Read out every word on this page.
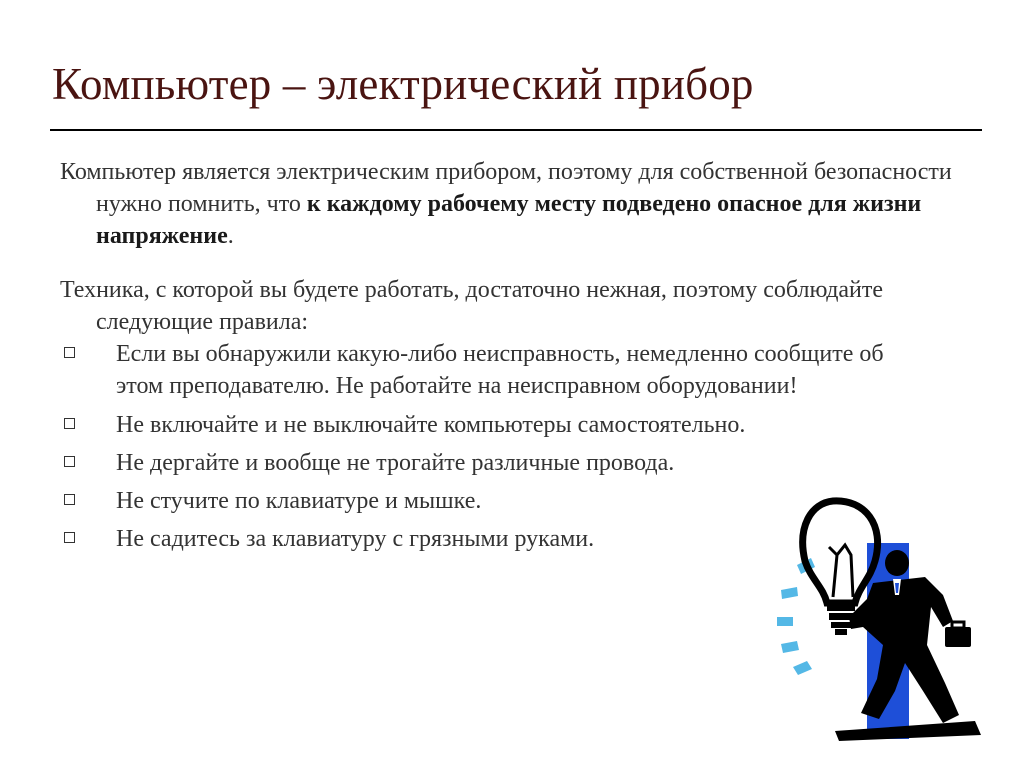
Компьютер – электрический прибор

Компьютер является электрическим прибором, поэтому для собственной безопасности нужно помнить, что к каждому рабочему месту подведено опасное для жизни напряжение.

Техника, с которой вы будете работать, достаточно нежная, поэтому соблюдайте следующие правила:

Если вы обнаружили какую-либо неисправность, немедленно сообщите об этом преподавателю. Не работайте на неисправном оборудовании!
Не включайте и не выключайте компьютеры самостоятельно.
Не дергайте и вообще не трогайте различные провода.
Не стучите по клавиатуре и мышке.
Не садитесь за клавиатуру с грязными руками.
